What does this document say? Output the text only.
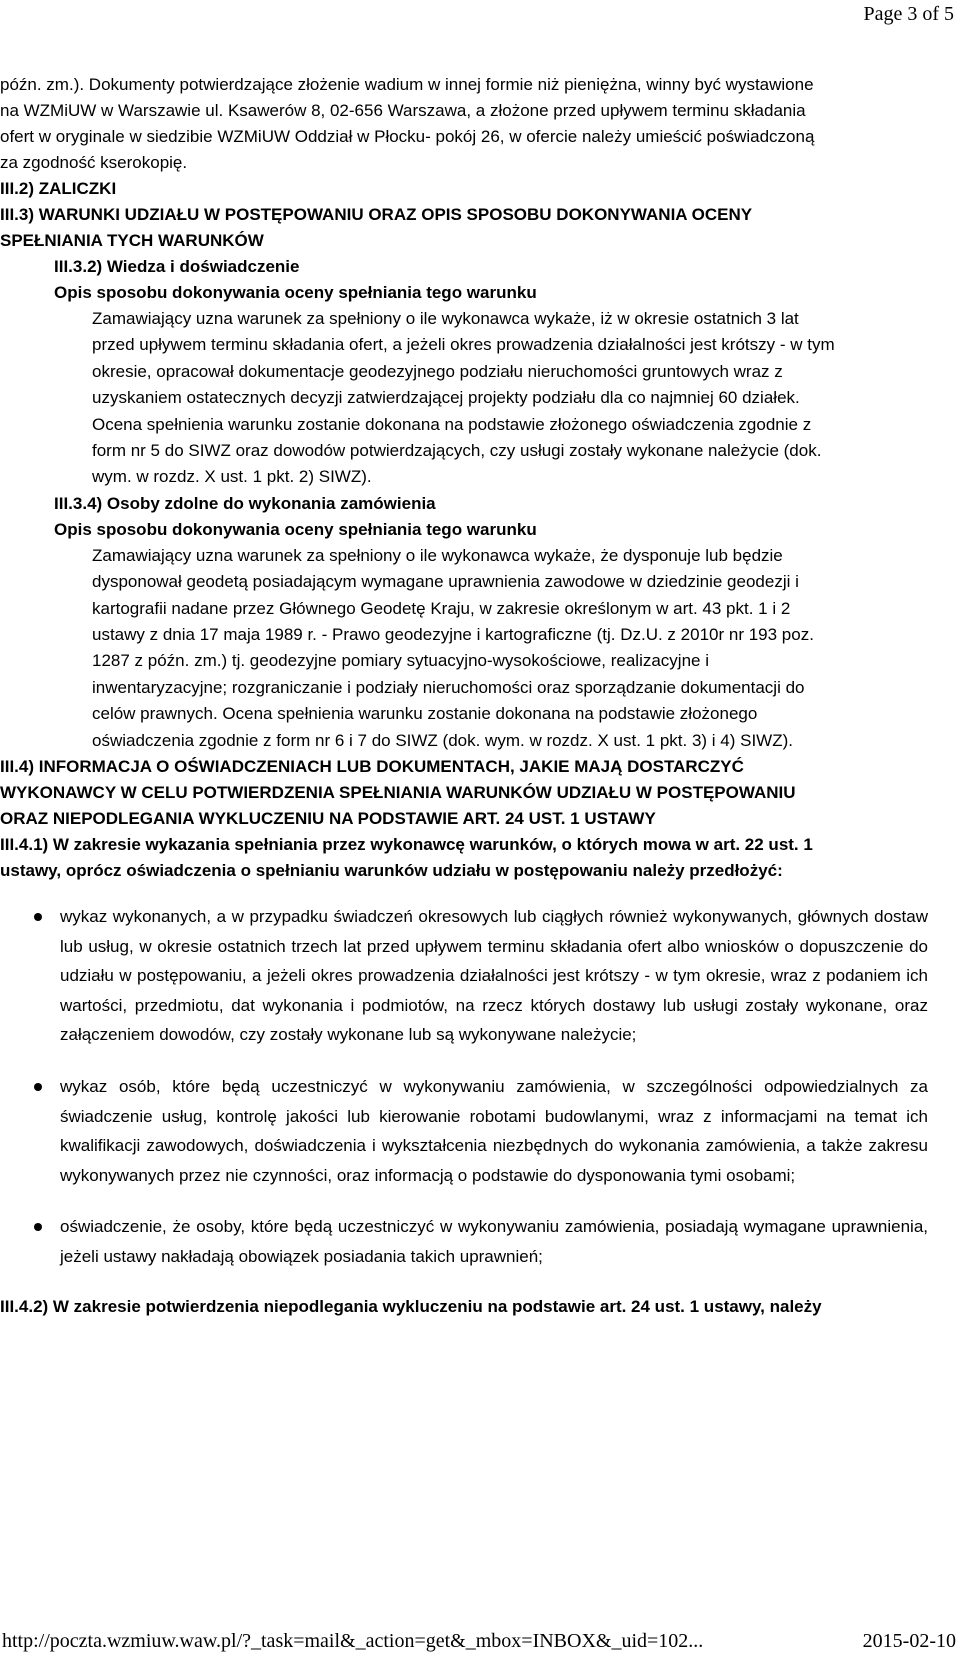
Page 3 of 5

późn. zm.). Dokumenty potwierdzające złożenie wadium w innej formie niż pieniężna, winny być wystawione

na WZMiUW w Warszawie ul. Ksawerów 8, 02-656 Warszawa, a złożone przed upływem terminu składania

ofert w oryginale w siedzibie WZMiUW Oddział w Płocku- pokój 26, w ofercie należy umieścić poświadczoną

za zgodność kserokopię.

III.2) ZALICZKI

III.3) WARUNKI UDZIAŁU W POSTĘPOWANIU ORAZ OPIS SPOSOBU DOKONYWANIA OCENY

SPEŁNIANIA TYCH WARUNKÓW

III.3.2) Wiedza i doświadczenie

Opis sposobu dokonywania oceny spełniania tego warunku

Zamawiający uzna warunek za spełniony o ile wykonawca wykaże, iż w okresie ostatnich 3 lat

przed upływem terminu składania ofert, a jeżeli okres prowadzenia działalności jest krótszy - w tym

okresie, opracował dokumentacje geodezyjnego podziału nieruchomości gruntowych wraz z

uzyskaniem ostatecznych decyzji zatwierdzającej projekty podziału dla co najmniej 60 działek.

Ocena spełnienia warunku zostanie dokonana na podstawie złożonego oświadczenia zgodnie z

form nr 5 do SIWZ oraz dowodów potwierdzających, czy usługi zostały wykonane należycie (dok.

wym. w rozdz. X ust. 1 pkt. 2) SIWZ).

III.3.4) Osoby zdolne do wykonania zamówienia

Opis sposobu dokonywania oceny spełniania tego warunku

Zamawiający uzna warunek za spełniony o ile wykonawca wykaże, że dysponuje lub będzie

dysponował geodetą posiadającym wymagane uprawnienia zawodowe w dziedzinie geodezji i

kartografii nadane przez Głównego Geodetę Kraju, w zakresie określonym w art. 43 pkt. 1 i 2

ustawy z dnia 17 maja 1989 r. - Prawo geodezyjne i kartograficzne (tj. Dz.U. z 2010r nr 193 poz.

1287 z późn. zm.) tj. geodezyjne pomiary sytuacyjno-wysokościowe, realizacyjne i

inwentaryzacyjne; rozgraniczanie i podziały nieruchomości oraz sporządzanie dokumentacji do

celów prawnych. Ocena spełnienia warunku zostanie dokonana na podstawie złożonego

oświadczenia zgodnie z form nr 6 i 7 do SIWZ (dok. wym. w rozdz. X ust. 1 pkt. 3) i 4) SIWZ).

III.4) INFORMACJA O OŚWIADCZENIACH LUB DOKUMENTACH, JAKIE MAJĄ DOSTARCZYĆ

WYKONAWCY W CELU POTWIERDZENIA SPEŁNIANIA WARUNKÓW UDZIAŁU W POSTĘPOWANIU

ORAZ NIEPODLEGANIA WYKLUCZENIU NA PODSTAWIE ART. 24 UST. 1 USTAWY

III.4.1) W zakresie wykazania spełniania przez wykonawcę warunków, o których mowa w art. 22 ust. 1

ustawy, oprócz oświadczenia o spełnianiu warunków udziału w postępowaniu należy przedłożyć:

wykaz wykonanych, a w przypadku świadczeń okresowych lub ciągłych również wykonywanych, głównych dostaw lub usług, w okresie ostatnich trzech lat przed upływem terminu składania ofert albo wniosków o dopuszczenie do udziału w postępowaniu, a jeżeli okres prowadzenia działalności jest krótszy - w tym okresie, wraz z podaniem ich wartości, przedmiotu, dat wykonania i podmiotów, na rzecz których dostawy lub usługi zostały wykonane, oraz załączeniem dowodów, czy zostały wykonane lub są wykonywane należycie;
wykaz osób, które będą uczestniczyć w wykonywaniu zamówienia, w szczególności odpowiedzialnych za świadczenie usług, kontrolę jakości lub kierowanie robotami budowlanymi, wraz z informacjami na temat ich kwalifikacji zawodowych, doświadczenia i wykształcenia niezbędnych do wykonania zamówienia, a także zakresu wykonywanych przez nie czynności, oraz informacją o podstawie do dysponowania tymi osobami;
oświadczenie, że osoby, które będą uczestniczyć w wykonywaniu zamówienia, posiadają wymagane uprawnienia, jeżeli ustawy nakładają obowiązek posiadania takich uprawnień;

III.4.2) W zakresie potwierdzenia niepodlegania wykluczeniu na podstawie art. 24 ust. 1 ustawy, należy

http://poczta.wzmiuw.waw.pl/?_task=mail&_action=get&_mbox=INBOX&_uid=102...	2015-02-10
